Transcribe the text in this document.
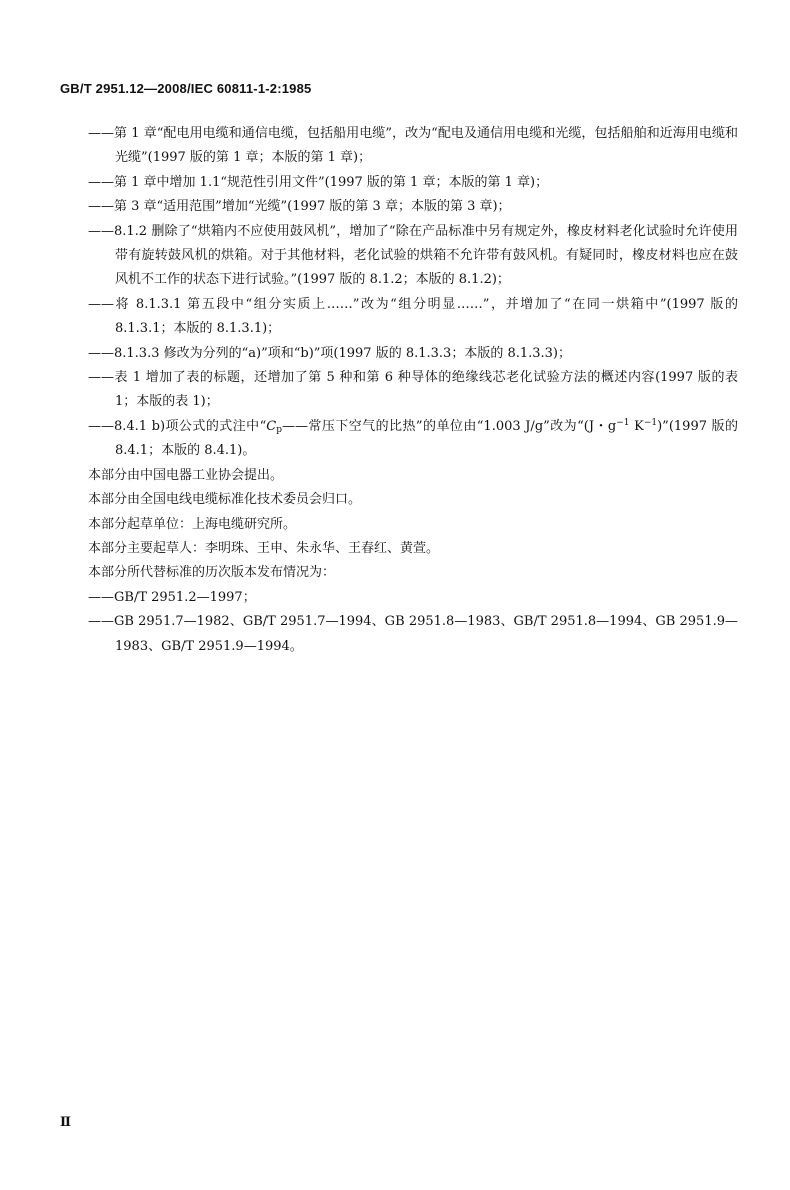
GB/T 2951.12—2008/IEC 60811-1-2:1985
——第 1 章“配电用电缆和通信电缆，包括船用电缆”，改为“配电及通信用电缆和光缆，包括船舶和近海用电缆和光缆”(1997 版的第 1 章；本版的第 1 章)；
——第 1 章中增加 1.1“规范性引用文件”(1997 版的第 1 章；本版的第 1 章)；
——第 3 章“适用范围”增加“光缆”(1997 版的第 3 章；本版的第 3 章)；
——8.1.2 删除了“烘箱内不应使用鼓风机”，增加了“除在产品标准中另有规定外，橡皮材料老化试验时允许使用带有旋转鼓风机的烘箱。对于其他材料，老化试验的烘箱不允许带有鼓风机。有疑同时，橡皮材料也应在鼓风机不工作的状态下进行试验。”(1997 版的 8.1.2；本版的 8.1.2)；
——将 8.1.3.1 第五段中“组分实质上……”改为“组分明显……”，并增加了“在同一烘箱中”(1997 版的 8.1.3.1；本版的 8.1.3.1)；
——8.1.3.3 修改为分列的“a)”项和“b)”项(1997 版的 8.1.3.3；本版的 8.1.3.3)；
——表 1 增加了表的标题，还增加了第 5 种和第 6 种导体的绝缘线芯老化试验方法的概述内容(1997 版的表 1；本版的表 1)；
——8.4.1 b)项公式的式注中“$C_p——$常压下空气的比热”的单位由“1.003 J/g”改为“(J・$g^{-1}$ $K^{-1})”(1997$ 版的 8.4.1；本版的 8.4.1)。
本部分由中国电器工业协会提出。
本部分由全国电线电缆标准化技术委员会归口。
本部分起草单位：上海电缆研究所。
本部分主要起草人：李明珠、王申、朱永华、王春红、黄萱。
本部分所代替标准的历次版本发布情况为：
——GB/T 2951.2—1997；
——GB 2951.7—1982、GB/T 2951.7—1994、GB 2951.8—1983、GB/T 2951.8—1994、GB 2951.9—1983、GB/T 2951.9—1994。
Ⅱ
